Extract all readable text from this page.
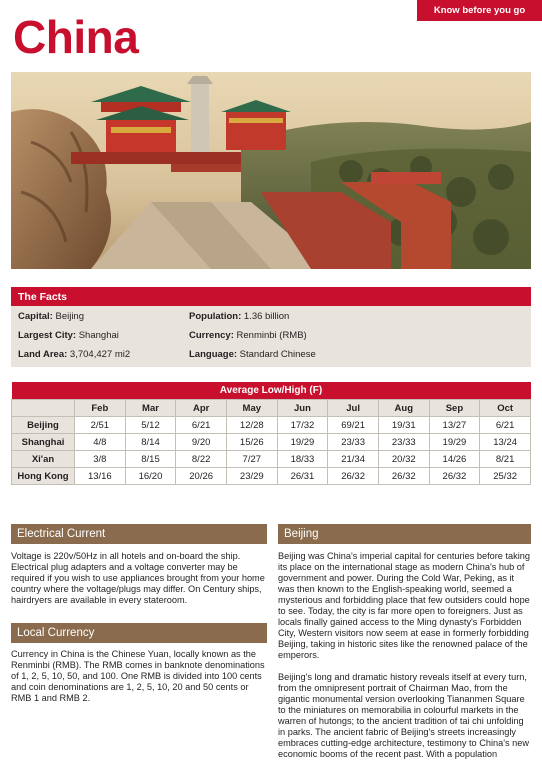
Know before you go
China
The Facts
Capital: Beijing	Population: 1.36 billion
Largest City: Shanghai	Currency: Renminbi (RMB)
Land Area: 3,704,427 mi2	Language: Standard Chinese
Average Low/High (F)									
	Feb	Mar	Apr	May	Jun	Jul	Aug	Sep	Oct
Beijing	2/51	5/12	6/21	12/28	17/32	69/21	19/31	13/27	6/21
Shanghai	4/8	8/14	9/20	15/26	19/29	23/33	23/33	19/29	13/24
Xi'an	3/8	8/15	8/22	7/27	18/33	21/34	20/32	14/26	8/21
Hong Kong	13/16	16/20	20/26	23/29	26/31	26/32	26/32	26/32	25/32
Electrical Current

Voltage is 220v/50Hz in all hotels and on-board the ship. Electrical plug adapters and a voltage converter may be required if you wish to use appliances brought from your home country where the voltage/plugs may differ. On Century ships, hairdryers are available in every stateroom.

Local Currency

Currency in China is the Chinese Yuan, locally known as the Renminbi (RMB). The RMB comes in banknote denominations of 1, 2, 5, 10, 50, and 100. One RMB is divided into 100 cents and coin denominations are 1, 2, 5, 10, 20 and 50 cents or RMB 1 and RMB 2.

Beijing

Beijing was China's imperial capital for centuries before taking its place on the international stage as modern China's hub of government and power. During the Cold War, Peking, as it was then known to the English-speaking world, seemed a mysterious and forbidding place that few outsiders could hope to see. Today, the city is far more open to foreigners. Just as locals finally gained access to the Ming dynasty's Forbidden City, Western visitors now seem at ease in formerly forbidding Beijing, taking in historic sites like the renowned palace of the emperors.

Beijing's long and dramatic history reveals itself at every turn, from the omnipresent portrait of Chairman Mao, from the gigantic monumental version overlooking Tiananmen Square to the miniatures on memorabilia in colourful markets in the warren of hutongs; to the ancient tradition of tai chi unfolding in parks. The ancient fabric of Beijing's streets increasingly embraces cutting-edge architecture, testimony to China's new economic booms of the recent past. With a population
